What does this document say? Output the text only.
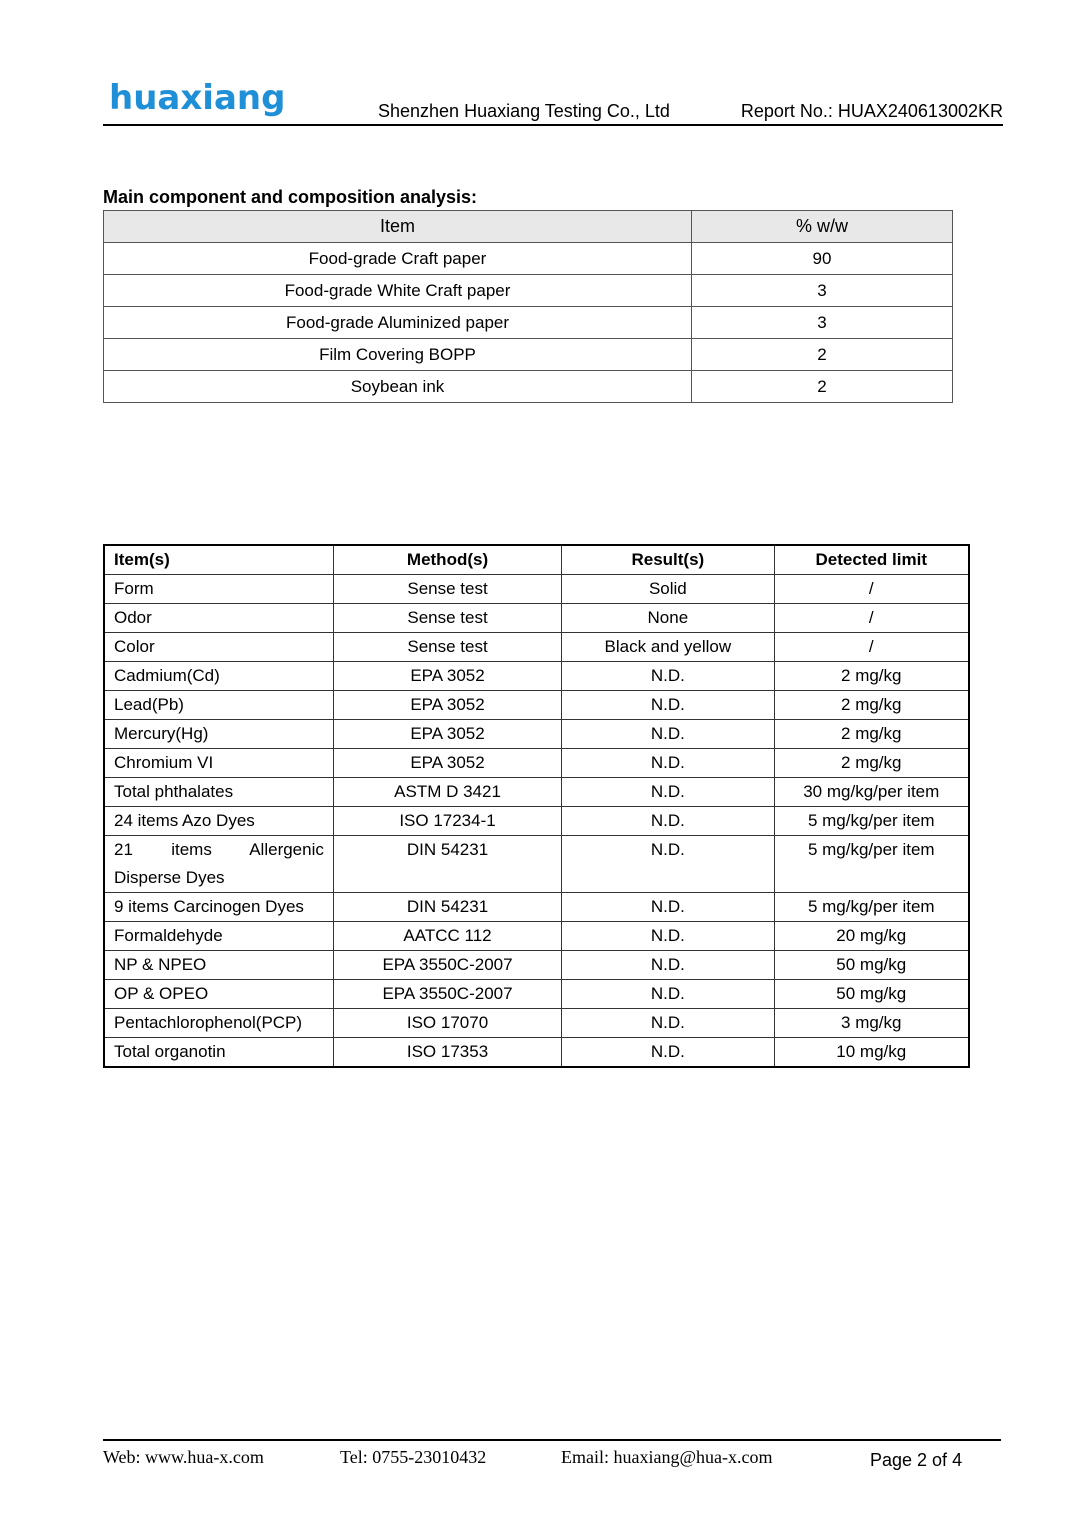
huaxiang	Shenzhen Huaxiang Testing Co., Ltd	Report No.: HUAX240613002KR
Main component and composition analysis:
Item	% w/w
Food-grade Craft paper	90
Food-grade White Craft paper	3
Food-grade Aluminized paper	3
Film Covering BOPP	2
Soybean ink	2
Item(s)	Method(s)	Result(s)	Detected limit
Form	Sense test	Solid	/
Odor	Sense test	None	/
Color	Sense test	Black and yellow	/
Cadmium(Cd)	EPA 3052	N.D.	2 mg/kg
Lead(Pb)	EPA 3052	N.D.	2 mg/kg
Mercury(Hg)	EPA 3052	N.D.	2 mg/kg
Chromium VI	EPA 3052	N.D.	2 mg/kg
Total phthalates	ASTM D 3421	N.D.	30 mg/kg/per item
24 items Azo Dyes	ISO 17234-1	N.D.	5 mg/kg/per item
21 items Allergenic Disperse Dyes	DIN 54231	N.D.	5 mg/kg/per item
9 items Carcinogen Dyes	DIN 54231	N.D.	5 mg/kg/per item
Formaldehyde	AATCC 112	N.D.	20 mg/kg
NP & NPEO	EPA 3550C-2007	N.D.	50 mg/kg
OP & OPEO	EPA 3550C-2007	N.D.	50 mg/kg
Pentachlorophenol(PCP)	ISO 17070	N.D.	3 mg/kg
Total organotin	ISO 17353	N.D.	10 mg/kg
Web: www.hua-x.com	Tel: 0755-23010432	Email: huaxiang@hua-x.com	Page 2 of 4
